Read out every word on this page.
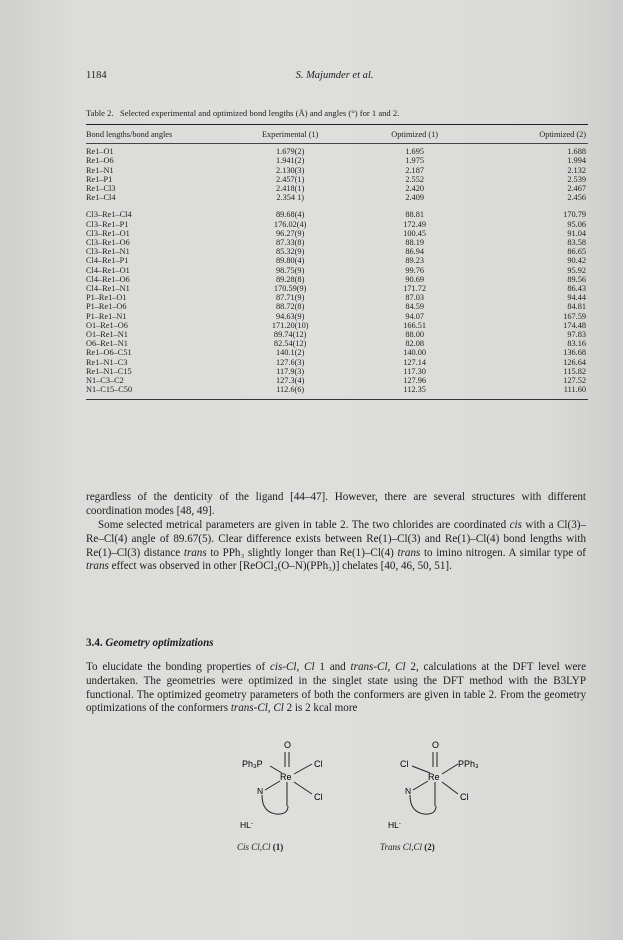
1184	S. Majumder et al.
Table 2. Selected experimental and optimized bond lengths (Å) and angles (°) for 1 and 2.
Bond lengths/bond angles	Experimental (1)	Optimized (1)	Optimized (2)
Re1–O1	1.679(2)	1.695	1.688
Re1–O6	1.941(2)	1.975	1.994
Re1–N1	2.130(3)	2.187	2.132
Re1–P1	2.457(1)	2.552	2.539
Re1–Cl3	2.418(1)	2.420	2.467
Re1–Cl4	2.354 1)	2.409	2.456

Cl3–Re1–Cl4	89.68(4)	88.81	170.79
Cl3–Re1–P1	176.02(4)	172.49	95.06
Cl3–Re1–O1	96.27(9)	100.45	91.04
Cl3–Re1–O6	87.33(8)	88.19	83.58
Cl3–Re1–N1	85.32(9)	86.94	86.65
Cl4–Re1–P1	89.80(4)	89.23	90.42
Cl4–Re1–O1	98.75(9)	99.76	95.92
Cl4–Re1–O6	89.28(8)	90.69	89.56
Cl4–Re1–N1	170.59(9)	171.72	86.43
P1–Re1–O1	87.71(9)	87.03	94.44
P1–Re1–O6	88.72(8)	84.59	84.81
P1–Re1–N1	94.63(9)	94.07	167.59
O1–Re1–O6	171.20(10)	166.51	174.48
O1–Re1–N1	89.74(12)	88.00	97.83
O6–Re1–N1	82.54(12)	82.08	83.16
Re1–O6–C51	140.1(2)	140.00	136.68
Re1–N1–C3	127.6(3)	127.14	126.64
Re1–N1–C15	117.9(3)	117.30	115.82
N1–C3–C2	127.3(4)	127.96	127.52
N1–C15–C50	112.6(6)	112.35	111.60
regardless of the denticity of the ligand [44–47]. However, there are several structures with different coordination modes [48, 49].
Some selected metrical parameters are given in table 2. The two chlorides are coordinated cis with a Cl(3)–Re–Cl(4) angle of 89.67(5). Clear difference exists between Re(1)–Cl(3) and Re(1)–Cl(4) bond lengths with Re(1)–Cl(3) distance trans to PPh₃ slightly longer than Re(1)–Cl(4) trans to imino nitrogen. A similar type of trans effect was observed in other [ReOCl₂(O–N)(PPh₃)] chelates [40, 46, 50, 51].
3.4. Geometry optimizations
To elucidate the bonding properties of cis-Cl, Cl 1 and trans-Cl, Cl 2, calculations at the DFT level were undertaken. The geometries were optimized in the singlet state using the DFT method with the B3LYP functional. The optimized geometry parameters of both the conformers are given in table 2. From the geometry optimizations of the conformers trans-Cl, Cl 2 is 2 kcal more
O
Ph₃P	Cl
Re
N
Cl
HL-
O
Cl	PPh₃
Re
N
Cl
HL-
Cis Cl,Cl (1)	Trans Cl,Cl (2)
